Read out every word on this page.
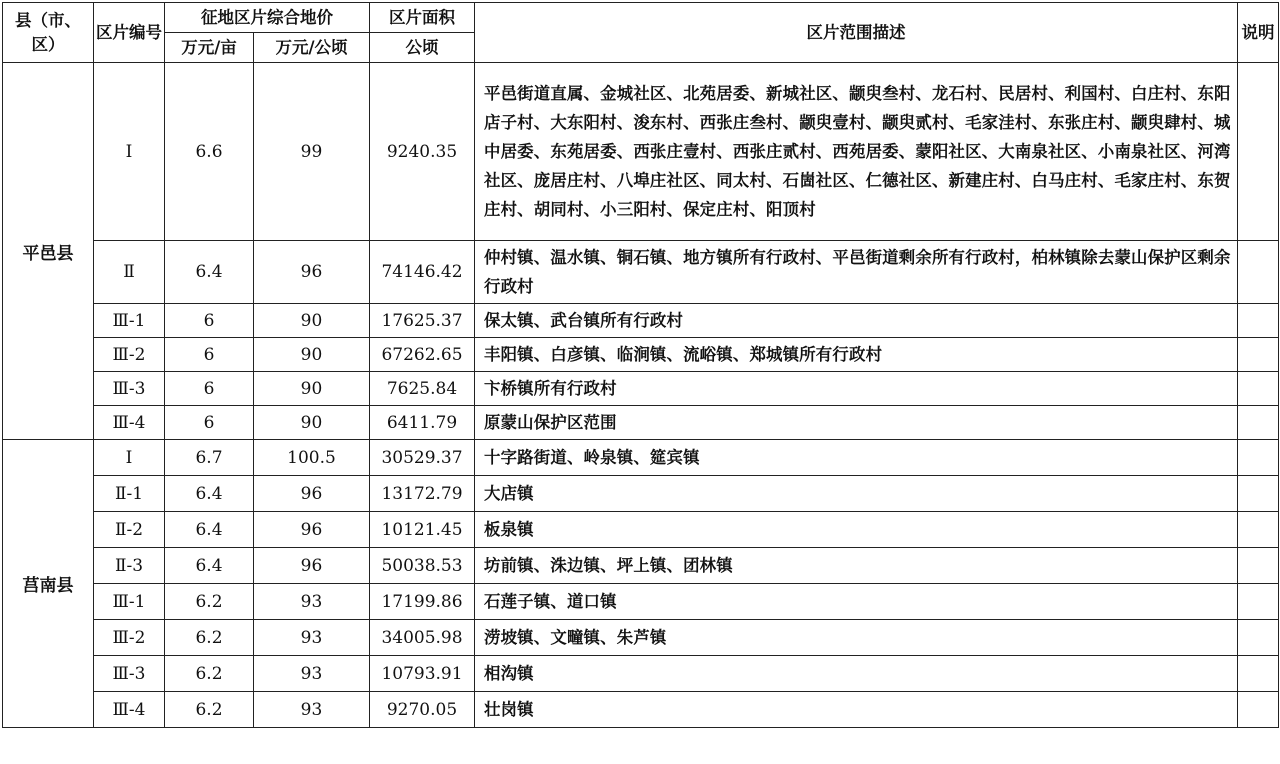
县（市、区）	区片编号	征地区片综合地价		区片面积	区片范围描述	说明
		万元/亩	万元/公顷	公顷		
平邑县	Ⅰ	6.6	99	9240.35	平邑街道直属、金城社区、北苑居委、新城社区、颛臾叁村、龙石村、民居村、利国村、白庄村、东阳店子村、大东阳村、浚东村、西张庄叁村、颛臾壹村、颛臾贰村、毛家洼村、东张庄村、颛臾肆村、城中居委、东苑居委、西张庄壹村、西张庄贰村、西苑居委、蒙阳社区、大南泉社区、小南泉社区、河湾社区、庞居庄村、八埠庄社区、同太村、石崮社区、仁德社区、新建庄村、白马庄村、毛家庄村、东贺庄村、胡同村、小三阳村、保定庄村、阳顶村	
	Ⅱ	6.4	96	74146.42	仲村镇、温水镇、铜石镇、地方镇所有行政村、平邑街道剩余所有行政村，柏林镇除去蒙山保护区剩余行政村	
	Ⅲ-1	6	90	17625.37	保太镇、武台镇所有行政村	
	Ⅲ-2	6	90	67262.65	丰阳镇、白彦镇、临涧镇、流峪镇、郑城镇所有行政村	
	Ⅲ-3	6	90	7625.84	卞桥镇所有行政村	
	Ⅲ-4	6	90	6411.79	原蒙山保护区范围	
莒南县	Ⅰ	6.7	100.5	30529.37	十字路街道、岭泉镇、筵宾镇	
	Ⅱ-1	6.4	96	13172.79	大店镇	
	Ⅱ-2	6.4	96	10121.45	板泉镇	
	Ⅱ-3	6.4	96	50038.53	坊前镇、洙边镇、坪上镇、团林镇	
	Ⅲ-1	6.2	93	17199.86	石莲子镇、道口镇	
	Ⅲ-2	6.2	93	34005.98	涝坡镇、文疃镇、朱芦镇	
	Ⅲ-3	6.2	93	10793.91	相沟镇	
	Ⅲ-4	6.2	93	9270.05	壮岗镇	
